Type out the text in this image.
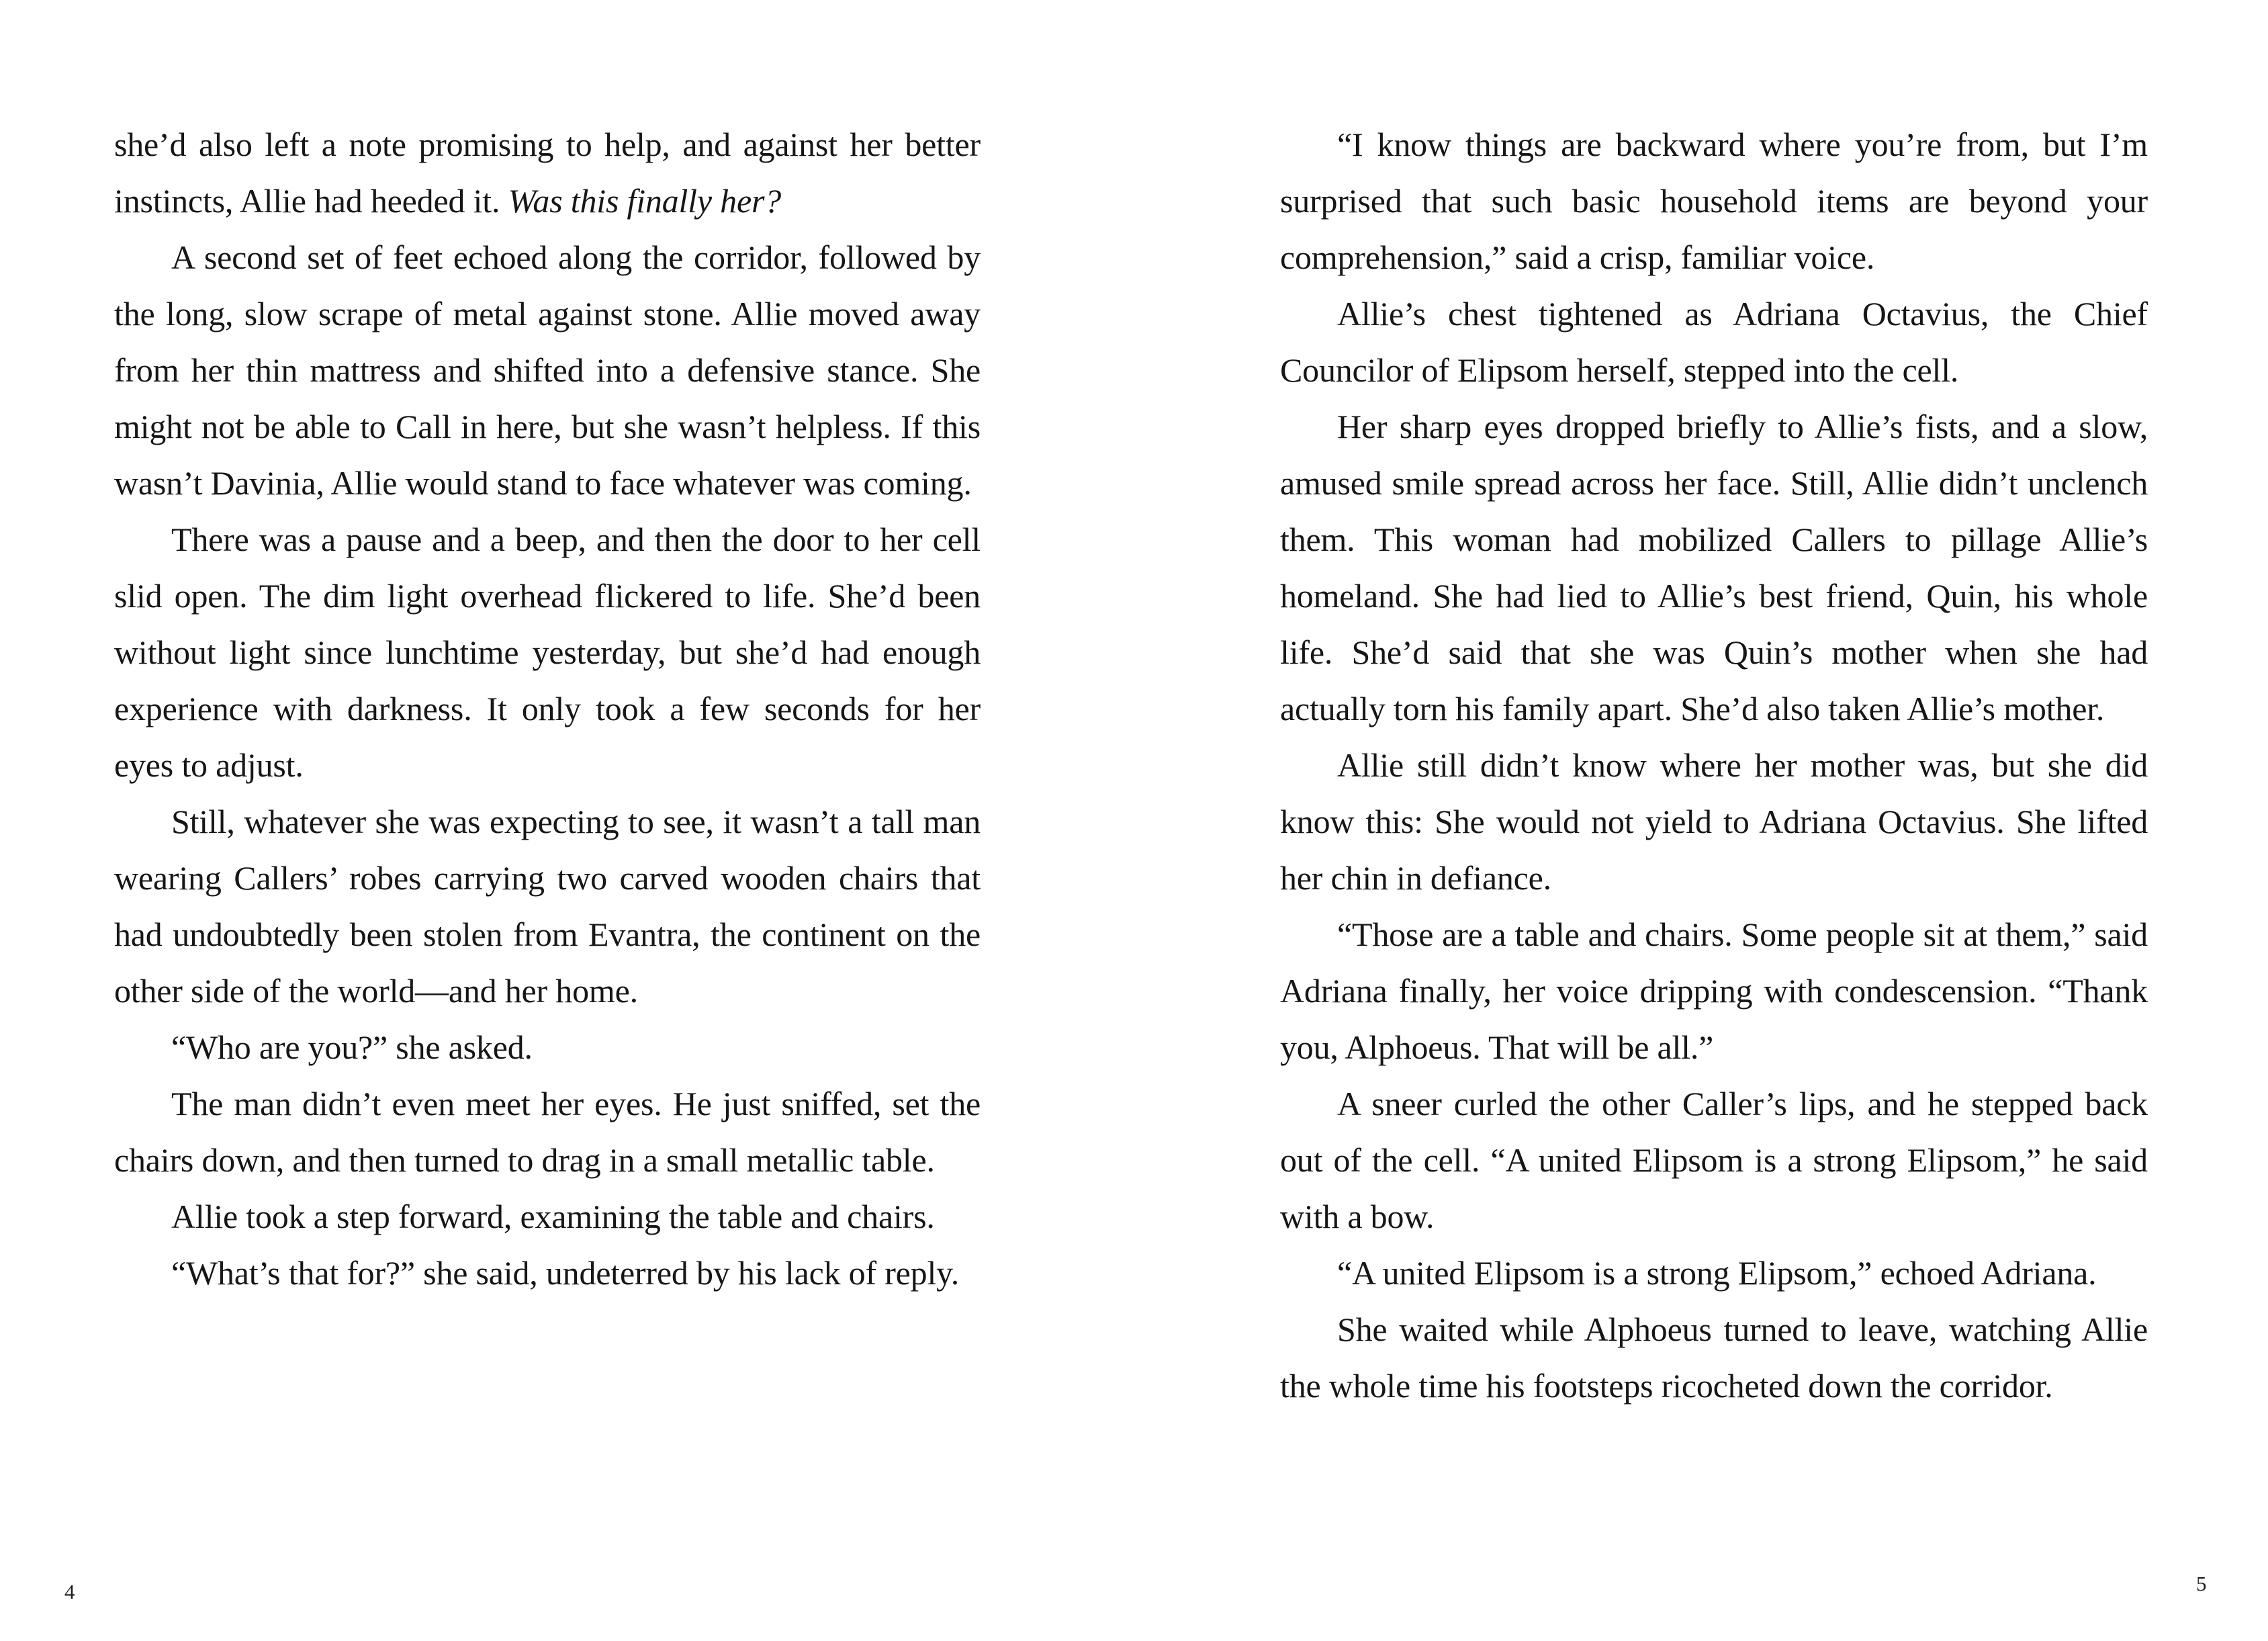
she’d also left a note promising to help, and against her better instincts, Allie had heeded it. Was this finally her?

A second set of feet echoed along the corridor, followed by the long, slow scrape of metal against stone. Allie moved away from her thin mattress and shifted into a defensive stance. She might not be able to Call in here, but she wasn’t helpless. If this wasn’t Davinia, Allie would stand to face whatever was coming.

There was a pause and a beep, and then the door to her cell slid open. The dim light overhead flickered to life. She’d been without light since lunchtime yesterday, but she’d had enough experience with darkness. It only took a few seconds for her eyes to adjust.

Still, whatever she was expecting to see, it wasn’t a tall man wearing Callers’ robes carrying two carved wooden chairs that had undoubtedly been stolen from Evantra, the continent on the other side of the world—and her home.

“Who are you?” she asked.

The man didn’t even meet her eyes. He just sniffed, set the chairs down, and then turned to drag in a small metallic table.

Allie took a step forward, examining the table and chairs.

“What’s that for?” she said, undeterred by his lack of reply.

4

“I know things are backward where you’re from, but I’m surprised that such basic household items are beyond your comprehension,” said a crisp, familiar voice.

Allie’s chest tightened as Adriana Octavius, the Chief Councilor of Elipsom herself, stepped into the cell.

Her sharp eyes dropped briefly to Allie’s fists, and a slow, amused smile spread across her face. Still, Allie didn’t unclench them. This woman had mobilized Callers to pillage Allie’s homeland. She had lied to Allie’s best friend, Quin, his whole life. She’d said that she was Quin’s mother when she had actually torn his family apart. She’d also taken Allie’s mother.

Allie still didn’t know where her mother was, but she did know this: She would not yield to Adriana Octavius. She lifted her chin in defiance.

“Those are a table and chairs. Some people sit at them,” said Adriana finally, her voice dripping with condescension. “Thank you, Alphoeus. That will be all.”

A sneer curled the other Caller’s lips, and he stepped back out of the cell. “A united Elipsom is a strong Elipsom,” he said with a bow.

“A united Elipsom is a strong Elipsom,” echoed Adriana.

She waited while Alphoeus turned to leave, watching Allie the whole time his footsteps ricocheted down the corridor.

5
